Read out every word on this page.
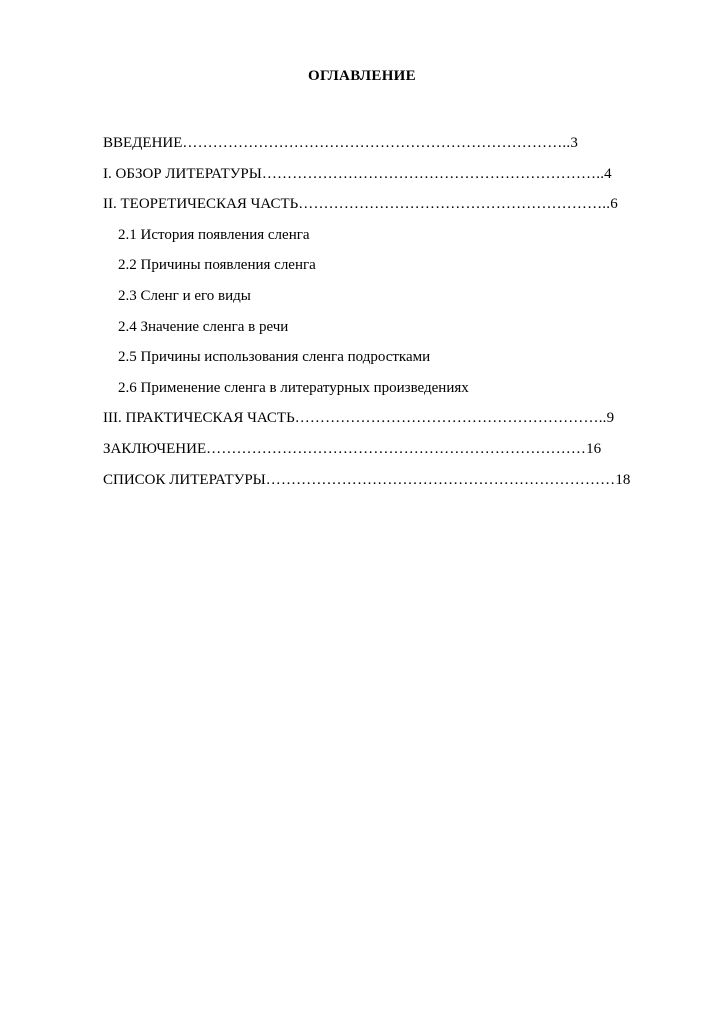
ОГЛАВЛЕНИЕ
ВВЕДЕНИЕ…………………………………………………………………..3
I. ОБЗОР ЛИТЕРАТУРЫ…………………………………………………………..4
II. ТЕОРЕТИЧЕСКАЯ ЧАСТЬ……………………………………………………..6
2.1 История появления сленга
2.2 Причины появления сленга
2.3 Сленг и его виды
2.4 Значение сленга в речи
2.5 Причины использования сленга подростками
2.6 Применение сленга в литературных произведениях
III. ПРАКТИЧЕСКАЯ ЧАСТЬ……………………………………………………..9
ЗАКЛЮЧЕНИЕ…………………………………………………………………16
СПИСОК ЛИТЕРАТУРЫ……………………………………………………………18
